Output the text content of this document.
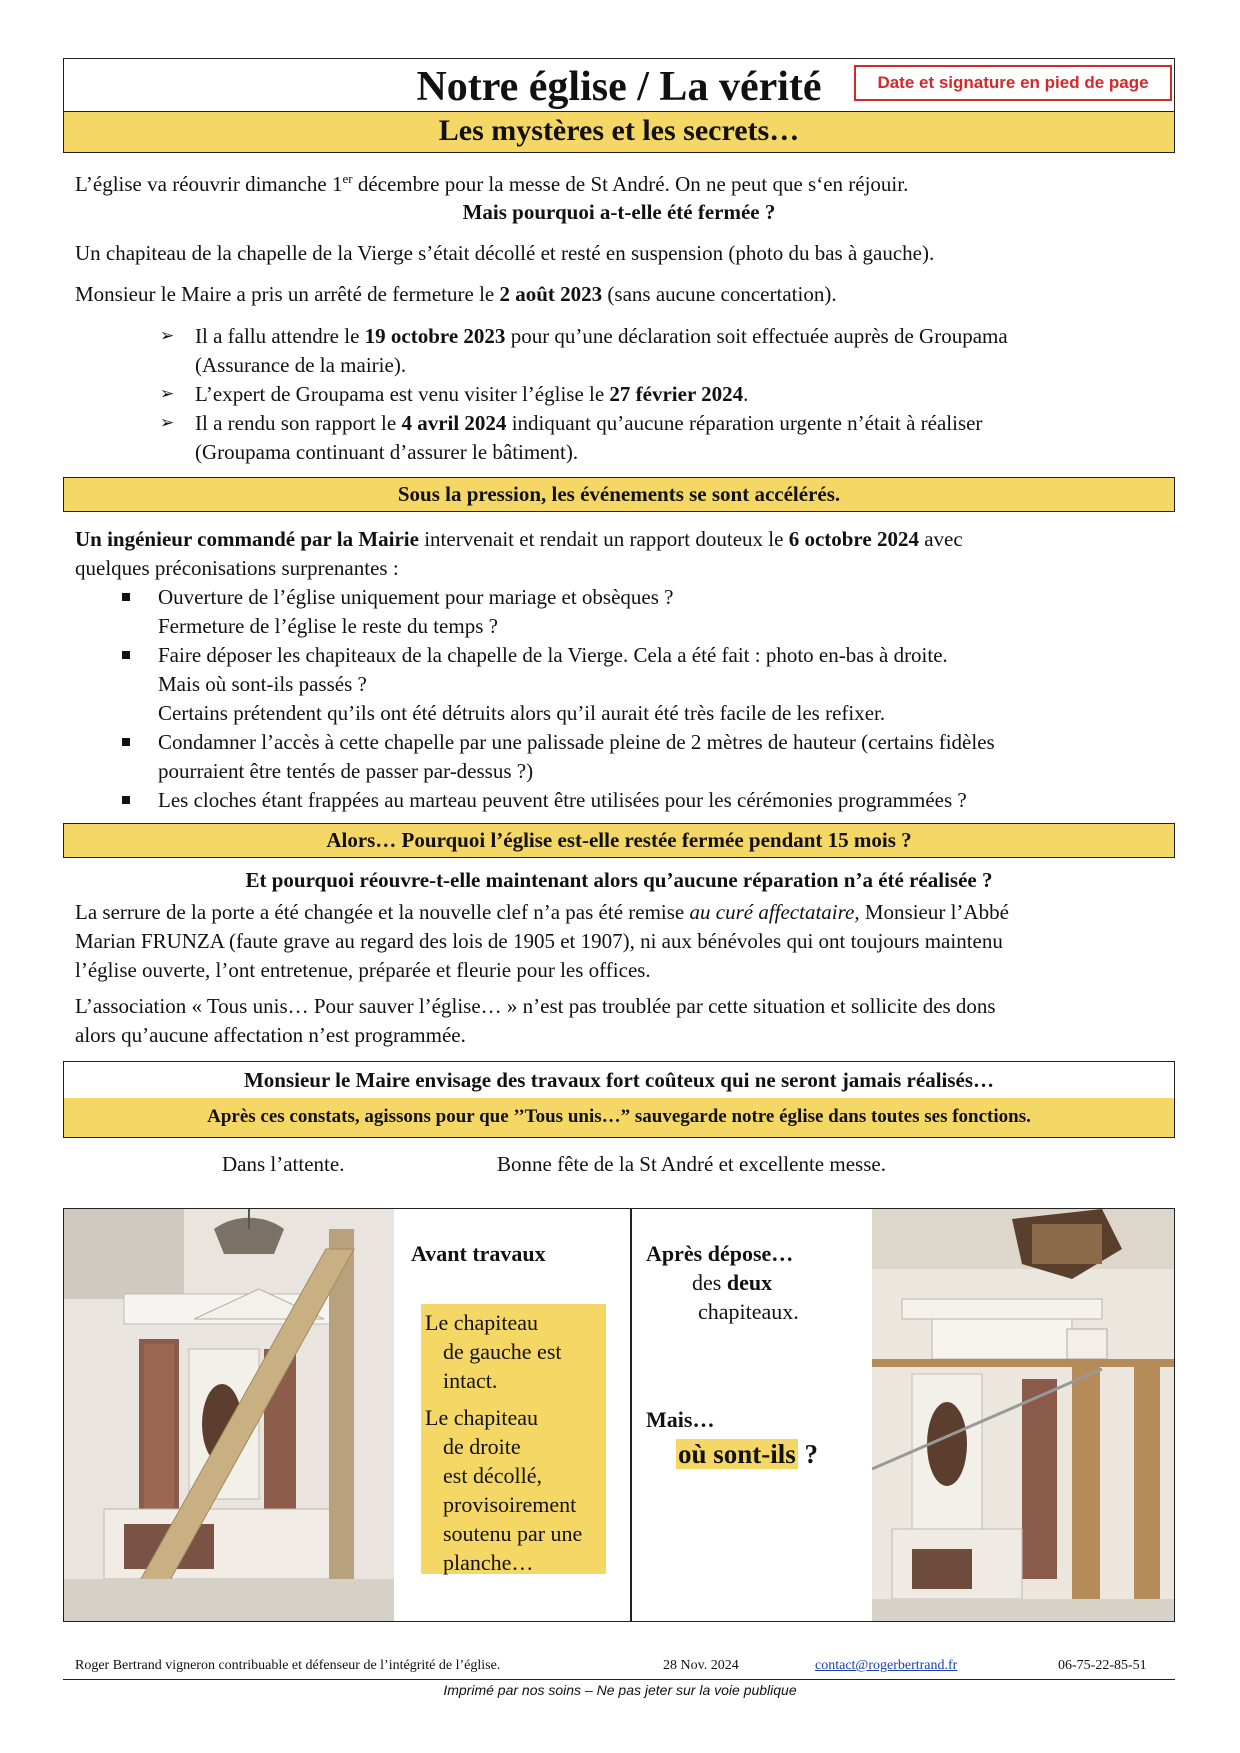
Notre église / La vérité	Date et signature en pied de page
Les mystères et les secrets…
L’église va réouvrir dimanche 1er décembre pour la messe de St André. On ne peut que s‘en réjouir.
Mais pourquoi a-t-elle été fermée ?
Un chapiteau de la chapelle de la Vierge s’était décollé et resté en suspension (photo du bas à gauche).
Monsieur le Maire a pris un arrêté de fermeture le 2 août 2023 (sans aucune concertation).
➢ Il a fallu attendre le 19 octobre 2023 pour qu’une déclaration soit effectuée auprès de Groupama
(Assurance de la mairie).
➢ L’expert de Groupama est venu visiter l’église le 27 février 2024.
➢ Il a rendu son rapport le 4 avril 2024 indiquant qu’aucune réparation urgente n’était à réaliser
(Groupama continuant d’assurer le bâtiment).
Sous la pression, les événements se sont accélérés.
Un ingénieur commandé par la Mairie intervenait et rendait un rapport douteux le 6 octobre 2024 avec
quelques préconisations surprenantes :
Ouverture de l’église uniquement pour mariage et obsèques ?
Fermeture de l’église le reste du temps ?
Faire déposer les chapiteaux de la chapelle de la Vierge. Cela a été fait : photo en-bas à droite.
Mais où sont-ils passés ?
Certains prétendent qu’ils ont été détruits alors qu’il aurait été très facile de les refixer.
Condamner l’accès à cette chapelle par une palissade pleine de 2 mètres de hauteur (certains fidèles
pourraient être tentés de passer par-dessus ?)
Les cloches étant frappées au marteau peuvent être utilisées pour les cérémonies programmées ?
Alors… Pourquoi l’église est-elle restée fermée pendant 15 mois ?
Et pourquoi réouvre-t-elle maintenant alors qu’aucune réparation n’a été réalisée ?
La serrure de la porte a été changée et la nouvelle clef n’a pas été remise au curé affectataire, Monsieur l’Abbé
Marian FRUNZA (faute grave au regard des lois de 1905 et 1907), ni aux bénévoles qui ont toujours maintenu
l’église ouverte, l’ont entretenue, préparée et fleurie pour les offices.
L’association « Tous unis… Pour sauver l’église… » n’est pas troublée par cette situation et sollicite des dons
alors qu’aucune affectation n’est programmée.
Monsieur le Maire envisage des travaux fort coûteux qui ne seront jamais réalisés…
Après ces constats, agissons pour que ’’Tous unis…” sauvegarde notre église dans toutes ses fonctions.
Dans l’attente.	Bonne fête de la St André et excellente messe.
Avant travaux
Le chapiteau
de gauche est
intact.
Le chapiteau
de droite
est décollé,
provisoirement
soutenu par une
planche…
Après dépose…
des deux
chapiteaux.
Mais…
où sont-ils ?
Roger Bertrand vigneron contribuable et défenseur de l’intégrité de l’église.	28 Nov. 2024	contact@rogerbertrand.fr	06-75-22-85-51
Imprimé par nos soins – Ne pas jeter sur la voie publique
